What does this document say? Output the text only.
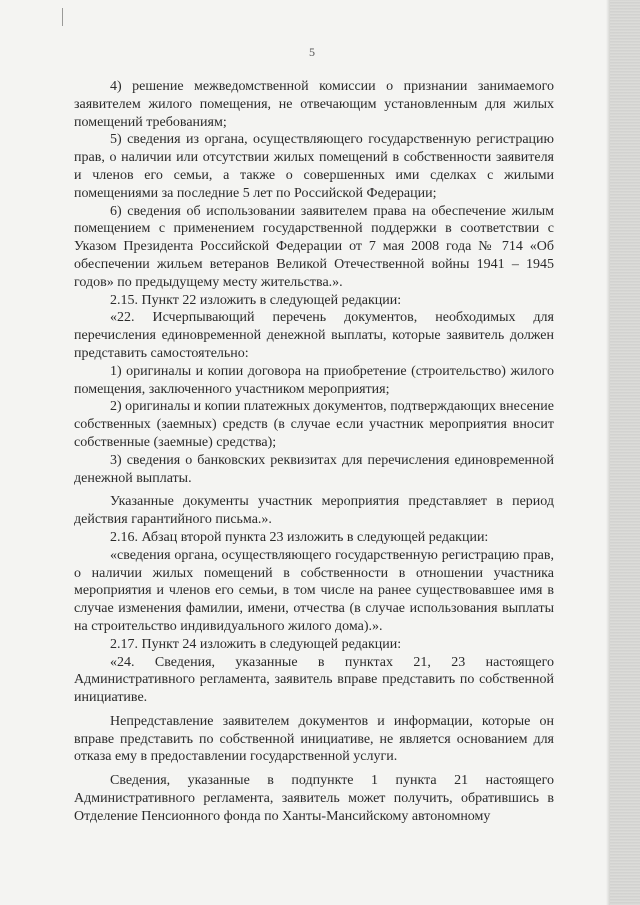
5

4) решение межведомственной комиссии о признании занимаемого заявителем жилого помещения, не отвечающим установленным для жилых помещений требованиям;

5) сведения из органа, осуществляющего государственную регистрацию прав, о наличии или отсутствии жилых помещений в собственности заявителя и членов его семьи, а также о совершенных ими сделках с жилыми помещениями за последние 5 лет по Российской Федерации;

6) сведения об использовании заявителем права на обеспечение жилым помещением с применением государственной поддержки в соответствии с Указом Президента Российской Федерации от 7 мая 2008 года № 714 «Об обеспечении жильем ветеранов Великой Отечественной войны 1941 – 1945 годов» по предыдущему месту жительства.».

2.15. Пункт 22 изложить в следующей редакции:

«22. Исчерпывающий перечень документов, необходимых для перечисления единовременной денежной выплаты, которые заявитель должен представить самостоятельно:

1) оригиналы и копии договора на приобретение (строительство) жилого помещения, заключенного участником мероприятия;

2) оригиналы и копии платежных документов, подтверждающих внесение собственных (заемных) средств (в случае если участник мероприятия вносит собственные (заемные) средства);

3) сведения о банковских реквизитах для перечисления единовременной денежной выплаты.

Указанные документы участник мероприятия представляет в период действия гарантийного письма.».

2.16. Абзац второй пункта 23 изложить в следующей редакции:

«сведения органа, осуществляющего государственную регистрацию прав, о наличии жилых помещений в собственности в отношении участника мероприятия и членов его семьи, в том числе на ранее существовавшее имя в случае изменения фамилии, имени, отчества (в случае использования выплаты на строительство индивидуального жилого дома).».

2.17. Пункт 24 изложить в следующей редакции:

«24. Сведения, указанные в пунктах 21, 23 настоящего Административного регламента, заявитель вправе представить по собственной инициативе.

Непредставление заявителем документов и информации, которые он вправе представить по собственной инициативе, не является основанием для отказа ему в предоставлении государственной услуги.

Сведения, указанные в подпункте 1 пункта 21 настоящего Административного регламента, заявитель может получить, обратившись в Отделение Пенсионного фонда по Ханты-Мансийскому автономному
